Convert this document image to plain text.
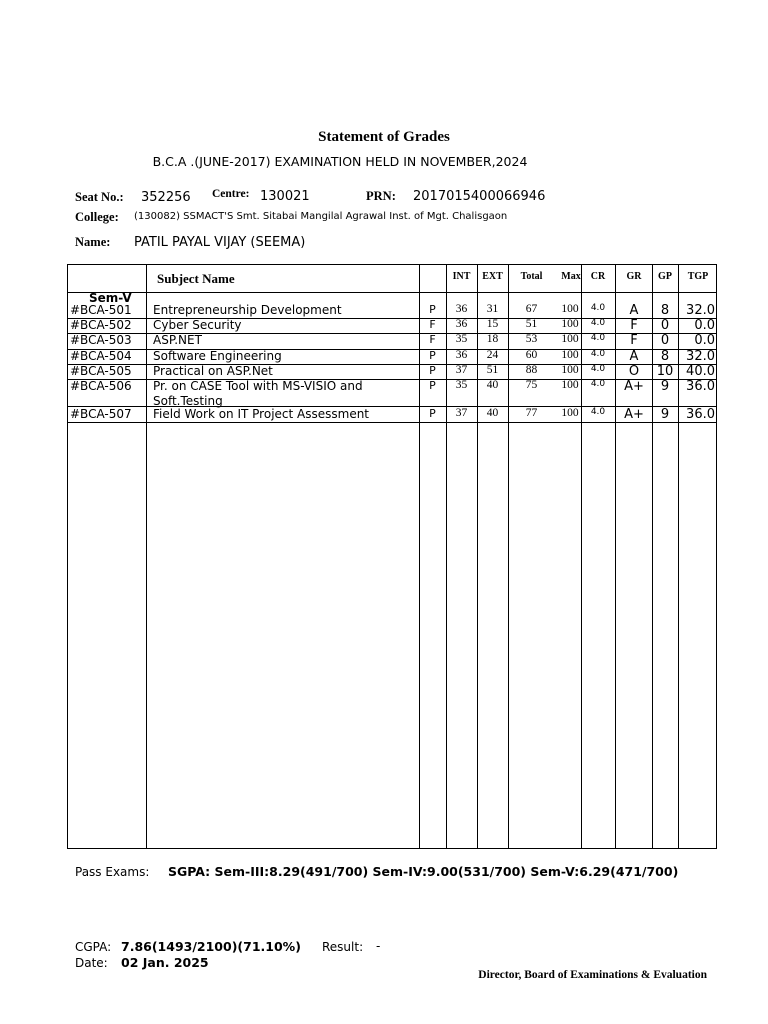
Statement of Grades
B.C.A .(JUNE-2017) EXAMINATION HELD IN NOVEMBER,2024
Seat No.: 352256 Centre: 130021	PRN: 2017015400066946
College: (130082) SSMACT'S Smt. Sitabai Mangilal Agrawal Inst. of Mgt. Chalisgaon
Name: PATIL PAYAL VIJAY (SEEMA)
Subject Name	INT	EXT	Total	Max	CR	GR	GP	TGP
Sem-V
#BCA-501 Entrepreneurship Development	P	36	31	67	100	4.0	A	8	32.0
#BCA-502 Cyber Security	F	36	15	51	100	4.0	F	0	0.0
#BCA-503 ASP.NET	F	35	18	53	100	4.0	F	0	0.0
#BCA-504 Software Engineering	P	36	24	60	100	4.0	A	8	32.0
#BCA-505 Practical on ASP.Net	P	37	51	88	100	4.0	O	10 40.0
#BCA-506 Pr. on CASE Tool with MS-VISIO and	P	35	40	75	100	4.0	A+	9	36.0
Soft.Testing
#BCA-507 Field Work on IT Project Assessment	P	37	40	77	100	4.0	A+	9	36.0
Pass Exams: SGPA: Sem-III:8.29(491/700) Sem-IV:9.00(531/700) Sem-V:6.29(471/700)
CGPA: 7.86(1493/2100)(71.10%) Result: -
Date: 02 Jan. 2025
Director, Board of Examinations & Evaluation
